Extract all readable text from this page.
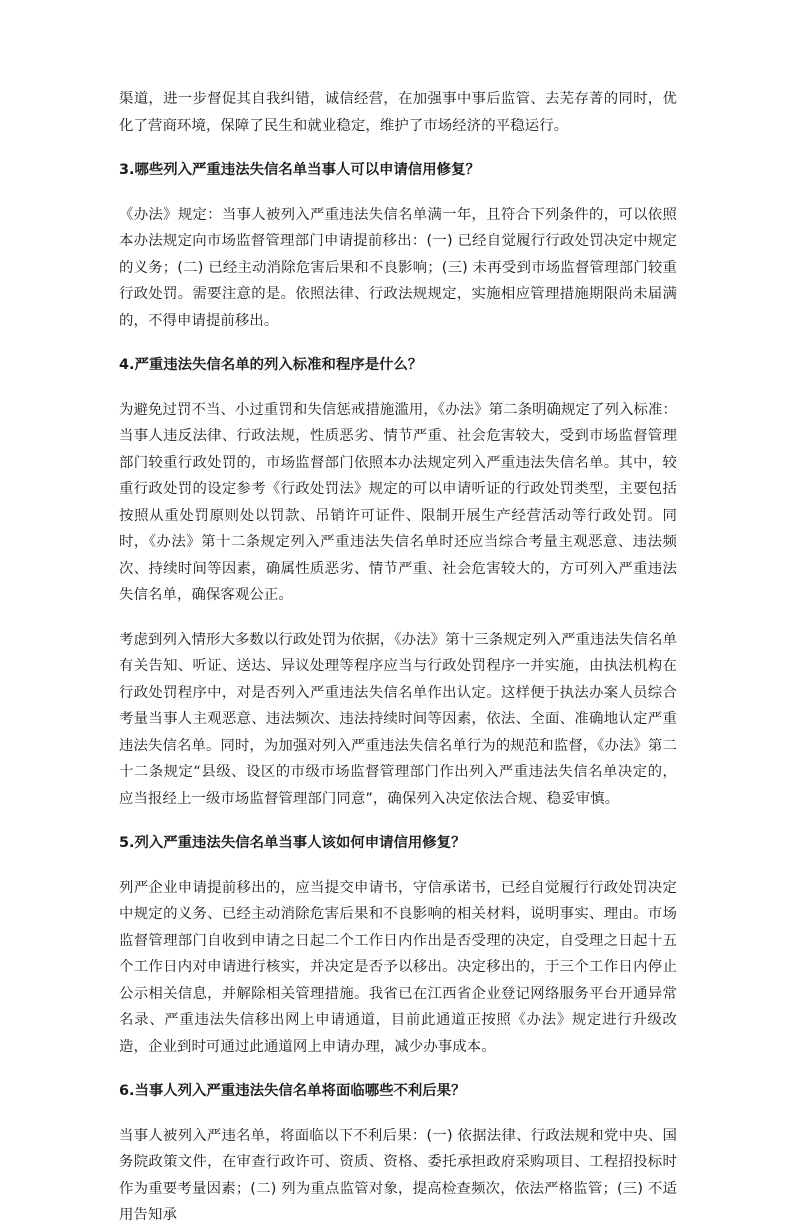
渠道，进一步督促其自我纠错，诚信经营，在加强事中事后监管、去芜存菁的同时，优化了营商环境，保障了民生和就业稳定，维护了市场经济的平稳运行。

3.哪些列入严重违法失信名单当事人可以申请信用修复？

《办法》规定：当事人被列入严重违法失信名单满一年，且符合下列条件的，可以依照本办法规定向市场监督管理部门申请提前移出：(一) 已经自觉履行行政处罚决定中规定的义务；(二) 已经主动消除危害后果和不良影响；(三) 未再受到市场监督管理部门较重行政处罚。需要注意的是。依照法律、行政法规规定，实施相应管理措施期限尚未届满的，不得申请提前移出。

4.严重违法失信名单的列入标准和程序是什么？

为避免过罚不当、小过重罚和失信惩戒措施滥用，《办法》第二条明确规定了列入标准：当事人违反法律、行政法规，性质恶劣、情节严重、社会危害较大，受到市场监督管理部门较重行政处罚的，市场监督部门依照本办法规定列入严重违法失信名单。其中，较重行政处罚的设定参考《行政处罚法》规定的可以申请听证的行政处罚类型，主要包括按照从重处罚原则处以罚款、吊销许可证件、限制开展生产经营活动等行政处罚。同时，《办法》第十二条规定列入严重违法失信名单时还应当综合考量主观恶意、违法频次、持续时间等因素，确属性质恶劣、情节严重、社会危害较大的，方可列入严重违法失信名单，确保客观公正。

考虑到列入情形大多数以行政处罚为依据，《办法》第十三条规定列入严重违法失信名单有关告知、听证、送达、异议处理等程序应当与行政处罚程序一并实施，由执法机构在行政处罚程序中，对是否列入严重违法失信名单作出认定。这样便于执法办案人员综合考量当事人主观恶意、违法频次、违法持续时间等因素，依法、全面、准确地认定严重违法失信名单。同时，为加强对列入严重违法失信名单行为的规范和监督，《办法》第二十二条规定“县级、设区的市级市场监督管理部门作出列入严重违法失信名单决定的，应当报经上一级市场监督管理部门同意”，确保列入决定依法合规、稳妥审慎。

5.列入严重违法失信名单当事人该如何申请信用修复？

列严企业申请提前移出的，应当提交申请书，守信承诺书，已经自觉履行行政处罚决定中规定的义务、已经主动消除危害后果和不良影响的相关材料，说明事实、理由。市场监督管理部门自收到申请之日起二个工作日内作出是否受理的决定，自受理之日起十五个工作日内对申请进行核实，并决定是否予以移出。决定移出的，于三个工作日内停止公示相关信息，并解除相关管理措施。我省已在江西省企业登记网络服务平台开通异常名录、严重违法失信移出网上申请通道，目前此通道正按照《办法》规定进行升级改造，企业到时可通过此通道网上申请办理，减少办事成本。

6.当事人列入严重违法失信名单将面临哪些不利后果？

当事人被列入严违名单，将面临以下不利后果：(一) 依据法律、行政法规和党中央、国务院政策文件，在审查行政许可、资质、资格、委托承担政府采购项目、工程招投标时作为重要考量因素；(二) 列为重点监管对象，提高检查频次，依法严格监管；(三) 不适用告知承
